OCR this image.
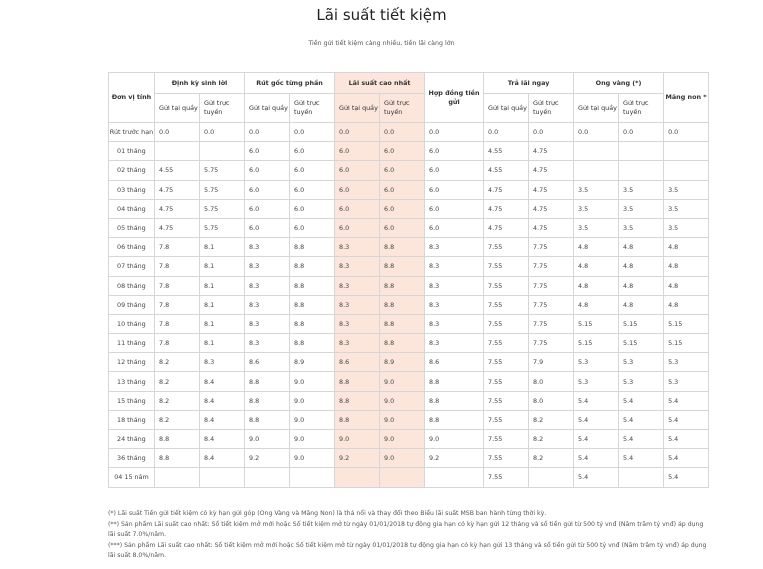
Lãi suất tiết kiệm
Tiền gửi tiết kiệm càng nhiều, tiền lãi càng lớn
Đơn vị tính	Định kỳ sinh lời		Rút gốc từng phần		Lãi suất cao nhất		Hợp đồng tiền gửi	Trả lãi ngay		Ong vàng (*)		Măng non *
	Gửi tại quầy	Gửi trực tuyến	Gửi tại quầy	Gửi trực tuyến	Gửi tại quầy	Gửi trực tuyến		Gửi tại quầy	Gửi trực tuyến	Gửi tại quầy	Gửi trực tuyến	
Rút trước hạn	0.0	0.0	0.0	0.0	0.0	0.0	0.0	0.0	0.0	0.0	0.0	0.0
01 tháng			6.0	6.0	6.0	6.0	6.0	4.55	4.75			
02 tháng	4.55	5.75	6.0	6.0	6.0	6.0	6.0	4.55	4.75			
03 tháng	4.75	5.75	6.0	6.0	6.0	6.0	6.0	4.75	4.75	3.5	3.5	3.5
04 tháng	4.75	5.75	6.0	6.0	6.0	6.0	6.0	4.75	4.75	3.5	3.5	3.5
05 tháng	4.75	5.75	6.0	6.0	6.0	6.0	6.0	4.75	4.75	3.5	3.5	3.5
06 tháng	7.8	8.1	8.3	8.8	8.3	8.8	8.3	7.55	7.75	4.8	4.8	4.8
07 tháng	7.8	8.1	8.3	8.8	8.3	8.8	8.3	7.55	7.75	4.8	4.8	4.8
08 tháng	7.8	8.1	8.3	8.8	8.3	8.8	8.3	7.55	7.75	4.8	4.8	4.8
09 tháng	7.8	8.1	8.3	8.8	8.3	8.8	8.3	7.55	7.75	4.8	4.8	4.8
10 tháng	7.8	8.1	8.3	8.8	8.3	8.8	8.3	7.55	7.75	5.15	5.15	5.15
11 tháng	7.8	8.1	8.3	8.8	8.3	8.8	8.3	7.55	7.75	5.15	5.15	5.15
12 tháng	8.2	8.3	8.6	8.9	8.6	8.9	8.6	7.55	7.9	5.3	5.3	5.3
13 tháng	8.2	8.4	8.8	9.0	8.8	9.0	8.8	7.55	8.0	5.3	5.3	5.3
15 tháng	8.2	8.4	8.8	9.0	8.8	9.0	8.8	7.55	8.0	5.4	5.4	5.4
18 tháng	8.2	8.4	8.8	9.0	8.8	9.0	8.8	7.55	8.2	5.4	5.4	5.4
24 tháng	8.8	8.4	9.0	9.0	9.0	9.0	9.0	7.55	8.2	5.4	5.4	5.4
36 tháng	8.8	8.4	9.2	9.0	9.2	9.0	9.2	7.55	8.2	5.4	5.4	5.4
04 15 năm								7.55		5.4		5.4

(*) Lãi suất Tiền gửi tiết kiệm có kỳ hạn gửi góp (Ong Vàng và Măng Non) là thả nổi và thay đổi theo Biểu lãi suất MSB ban hành từng thời kỳ.

(**) Sản phẩm Lãi suất cao nhất: Số tiết kiệm mở mới hoặc Số tiết kiệm mở từ ngày 01/01/2018 tự động gia hạn có kỳ hạn gửi 12 tháng và số tiền gửi từ 500 tỷ vnđ (Năm trăm tỷ vnđ) áp dụng lãi suất 7.0%/năm.

(***) Sản phẩm Lãi suất cao nhất: Số tiết kiệm mở mới hoặc Số tiết kiệm mở từ ngày 01/01/2018 tự động gia hạn có kỳ hạn gửi 13 tháng và số tiền gửi từ 500 tỷ vnđ (Năm trăm tỷ vnđ) áp dụng lãi suất 8.0%/năm.
